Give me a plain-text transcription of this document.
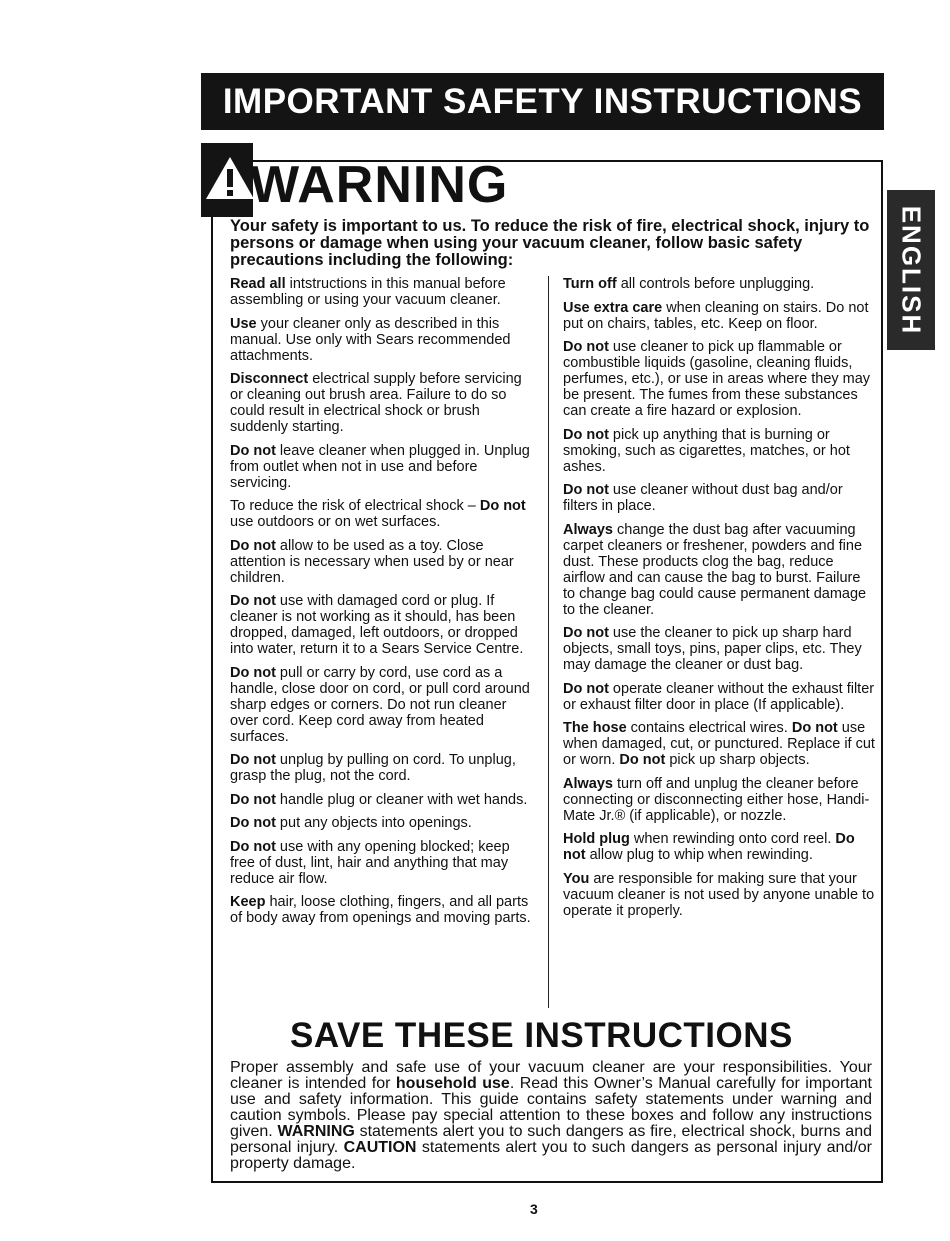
IMPORTANT SAFETY INSTRUCTIONS
ENGLISH
WARNING
Your safety is important to us. To reduce the risk of fire, electrical shock, injury to persons or damage when using your vacuum cleaner, follow basic safety precautions including the following:

Read all intstructions in this manual before assembling or using your vacuum cleaner.

Use your cleaner only as described in this manual. Use only with Sears recommended attachments.

Disconnect electrical supply before servicing or cleaning out brush area. Failure to do so could result in electrical shock or brush suddenly starting.

Do not leave cleaner when plugged in. Unplug from outlet when not in use and before servicing.

To reduce the risk of electrical shock – Do not use outdoors or on wet surfaces.

Do not allow to be used as a toy. Close attention is necessary when used by or near children.

Do not use with damaged cord or plug. If cleaner is not working as it should, has been dropped, damaged, left outdoors, or dropped into water, return it to a Sears Service Centre.

Do not pull or carry by cord, use cord as a handle, close door on cord, or pull cord around sharp edges or corners. Do not run cleaner over cord. Keep cord away from heated surfaces.

Do not unplug by pulling on cord. To unplug, grasp the plug, not the cord.

Do not handle plug or cleaner with wet hands.

Do not put any objects into openings.

Do not use with any opening blocked; keep free of dust, lint, hair and anything that may reduce air flow.

Keep hair, loose clothing, fingers, and all parts of body away from openings and moving parts.

Turn off all controls before unplugging.

Use extra care when cleaning on stairs. Do not put on chairs, tables, etc. Keep on floor.

Do not use cleaner to pick up flammable or combustible liquids (gasoline, cleaning fluids, perfumes, etc.), or use in areas where they may be present. The fumes from these substances can create a fire hazard or explosion.

Do not pick up anything that is burning or smoking, such as cigarettes, matches, or hot ashes.

Do not use cleaner without dust bag and/or filters in place.

Always change the dust bag after vacuuming carpet cleaners or freshener, powders and fine dust. These products clog the bag, reduce airflow and can cause the bag to burst. Failure to change bag could cause permanent damage to the cleaner.

Do not use the cleaner to pick up sharp hard objects, small toys, pins, paper clips, etc. They may damage the cleaner or dust bag.

Do not operate cleaner without the exhaust filter or exhaust filter door in place (If applicable).

The hose contains electrical wires. Do not use when damaged, cut, or punctured. Replace if cut or worn. Do not pick up sharp objects.

Always turn off and unplug the cleaner before connecting or disconnecting either hose, Handi-Mate Jr.® (if applicable), or nozzle.

Hold plug when rewinding onto cord reel. Do not allow plug to whip when rewinding.

You are responsible for making sure that your vacuum cleaner is not used by anyone unable to operate it properly.

SAVE THESE INSTRUCTIONS
Proper assembly and safe use of your vacuum cleaner are your responsibilities. Your cleaner is intended for household use. Read this Owner’s Manual carefully for important use and safety information. This guide contains safety statements under warning and caution symbols. Please pay special attention to these boxes and follow any instructions given. WARNING statements alert you to such dangers as fire, electrical shock, burns and personal injury. CAUTION statements alert you to such dangers as personal injury and/or property damage.
3
